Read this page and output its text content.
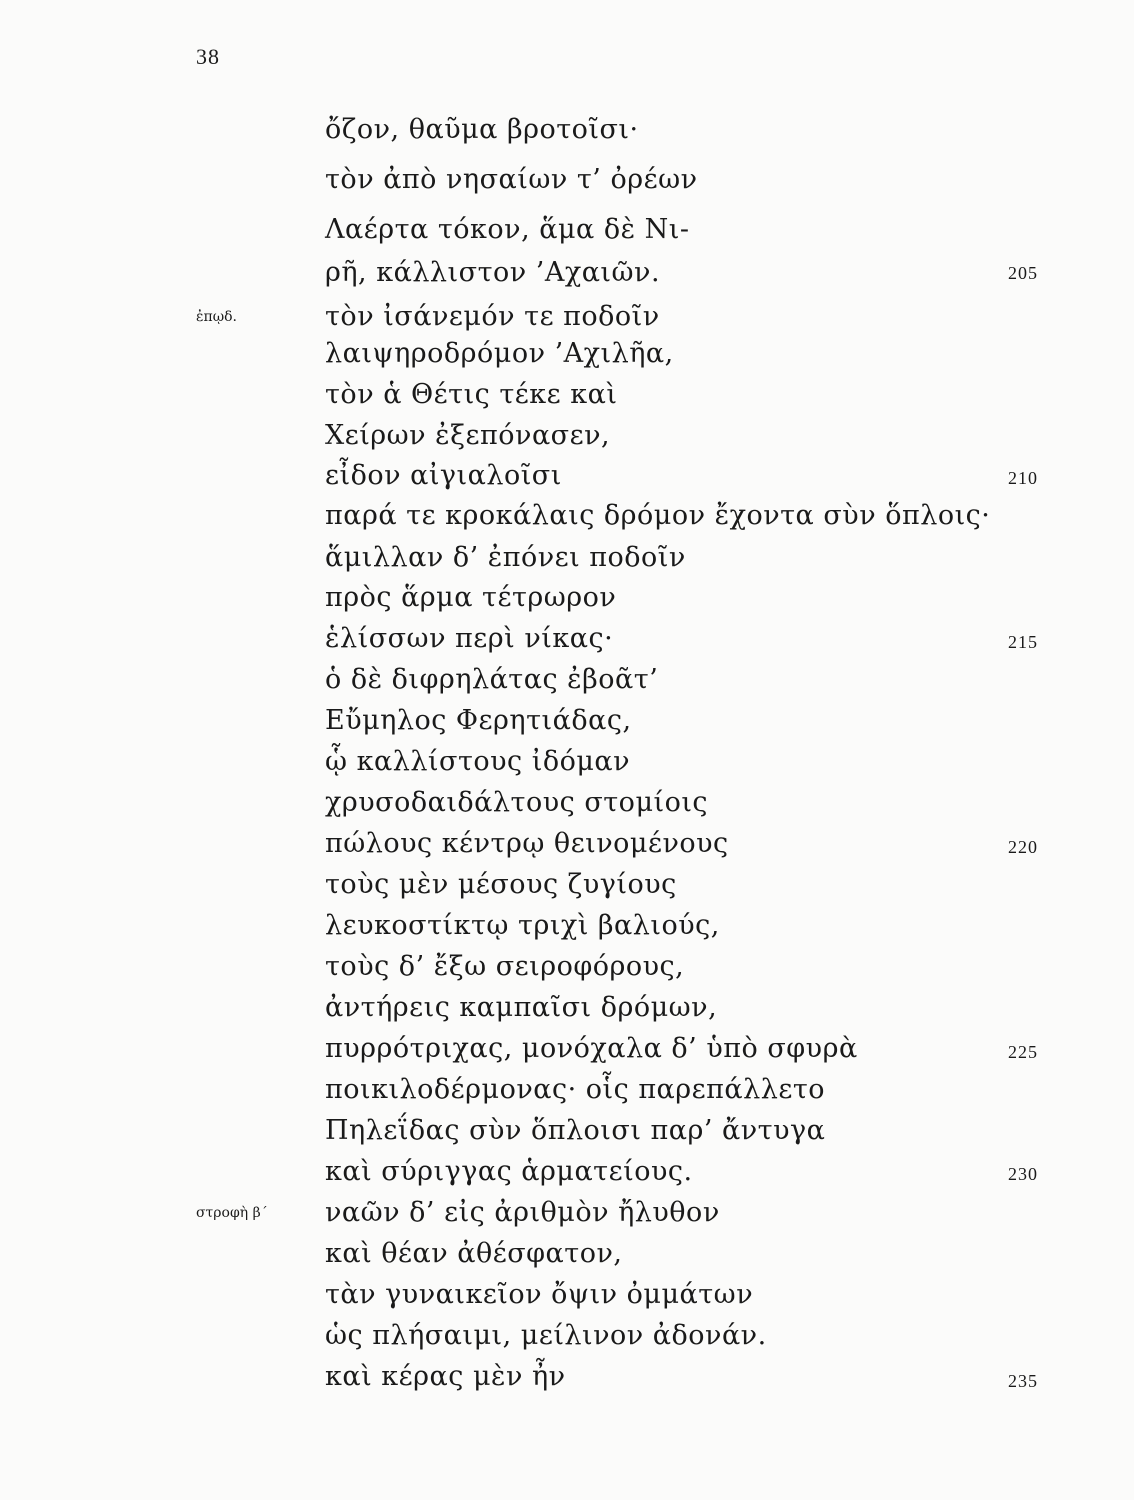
38
ὄζον, θαῦμα βροτοῖσι·
τὸν ἀπὸ νησαίων τ’ ὀρέων
Λαέρτα τόκον, ἅμα δὲ Νι-
ρῆ, κάλλιστον ’Αχαιῶν.
τὸν ἰσάνεμόν τε ποδοῖν
λαιψηροδρόμον ’Αχιλῆα,
τὸν ἁ Θέτις τέκε καὶ
Χείρων ἐξεπόνασεν,
εἶδον αἰγιαλοῖσι
παρά τε κροκάλαις δρόμον ἔχοντα σὺν ὅπλοις·
ἅμιλλαν δ’ ἐπόνει ποδοῖν
πρὸς ἅρμα τέτρωρον
ἑλίσσων περὶ νίκας·
ὁ δὲ διφρηλάτας ἐβοᾶτ’
Εὔμηλος Φερητιάδας,
ᾧ καλλίστους ἰδόμαν
χρυσοδαιδάλτους στομίοις
πώλους κέντρῳ θεινομένους
τοὺς μὲν μέσους ζυγίους
λευκοστίκτῳ τριχὶ βαλιούς,
τοὺς δ’ ἔξω σειροφόρους,
ἀντήρεις καμπαῖσι δρόμων,
πυρρότριχας, μονόχαλα δ’ ὑπὸ σφυρὰ
ποικιλοδέρμονας· οἷς παρεπάλλετο
Πηλεΐδας σὺν ὅπλοισι παρ’ ἄντυγα
καὶ σύριγγας ἁρματείους.
ναῶν δ’ εἰς ἀριθμὸν ἤλυθον
καὶ θέαν ἀθέσφατον,
τὰν γυναικεῖον ὄψιν ὀμμάτων
ὡς πλήσαιμι, μείλινον ἀδονάν.
καὶ κέρας μὲν ἦν
ἐπῳδ.
στροφὴ β΄
205
210
215
220
225
230
235
